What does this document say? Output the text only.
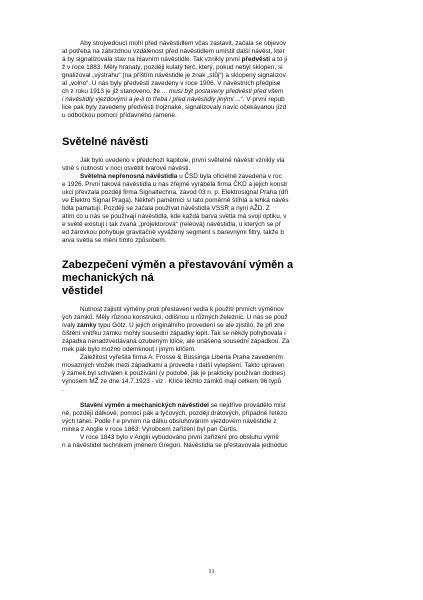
Aby strojvedoucí mohl před návěstidlem včas zastavit, začala se objevov
at potřeba na zábrzdnou vzdálenost před návěstidlem umístit další návěst, kter
á by signalizovala stav na hlavním návěstidle. Tak vznikly první předvěsti a to ji
ž v roce 1883. Měly hranatý, později kulatý terč, který, pokud nebyl sklopen, si
gnalizoval „výstrahu“ (na příštím návěstidle je znak „stůj“) a sklopený signalizov
al „volno“. U nás byly předvěsti zavedeny v roce 1906. V návěstních předpise
ch z roku 1913 je již stanoveno, že ... musí být postaveny předvěsti před všem
i návěstidly vjezdovými a je-li to třeba i před návěstidly jinými ...“. V první repub
lice pak byly zavedeny předvěsti trojznaké, signalizovaly navíc očekávanou jízd
u odbočkou pomocí přídavného ramene.

Světelné návěsti

Jak bylo uvedeno v předchozí kapitole, první světelné návěsti vznikly vla
stně s nutností v noci osvětlit tvarové návěsti.
Světelná nepřenosná návěstidla u ČSD byla oficielně zavedena v roc
e 1926. První taková návěstidla u nás zřejmě vyráběla firma ČKD a jejich konstr
ukci převzala později firma Signaltechna, závod 03 n. p. Elektrosignal Praha (dří
ve Elektro Signal Praga). Někteří pamětníci si tato poměrně štíhlá a lehká návěs
tidla pamatují. Později se začala používat návěstidla VSSR a nyní AŽD. Z
atím co u nás se používají návěstidla, kde každá barva světla má svoji optiku, v
e světě existují i tak zvaná „projektorová“ (reléová) návěstidla, u kterých se př
ed žárovkou pohybuje gravitačně vyvážený segment s barevnými filtry, takže b
arva světla se mění tímto způsobem.

Zabezpečení výměn a přestavování výměn a mechanických ná
věstidel

Nutnost zajistit výměny proti přestavení vedla k použití prvních výměnov
ých zámků. Měly různou konstrukci, odlišnou u různých železnic. U nás se použ
ívaly zámky typu Götz. U jejich originálního provedení se ale zjistilo, že při zne
čištění vnitřku zámku mohly sousední západky lepit. Tak se někdy pohybovala i
západka nenadzvedávaná ozubeným klíče, ale unášená sousední západkou. Zá
mek pak bylo možno odemknout i jiným klíčem.
Záležitost vyřešila firma A. Frosse & Büssinga Liberta Praha zavedením
mosazných vložek mezi západkami a provedla i další vylepšení. Takto upraven
ý zámek byl schválen k používání (v podobě, jak je prakticky používán dodnes)
výnosem MŽ ze dne 14.7.1923 - viz . Klíče těchto zámků mají celkem 96 typů
.

Stavění výměn a mechanických návěstidel se nejdříve provádělo míst
ně, později dálkově, pomocí pák a tyčových, později drátových, případně řetězo
vých táhel. Podle ř e prvním na dálku obsluhováním vjezdovém návěstidle z
minka z Anglie v roce 1863. Výrobcem zařízení byl pan Curtis.
V roce 1843 bylo v Anglii vybudováno první zařízení pro obsluhu výmě
n a návěstidel technikem jménem Gregori. Návěstidla se přestavovala jednoduc

11
